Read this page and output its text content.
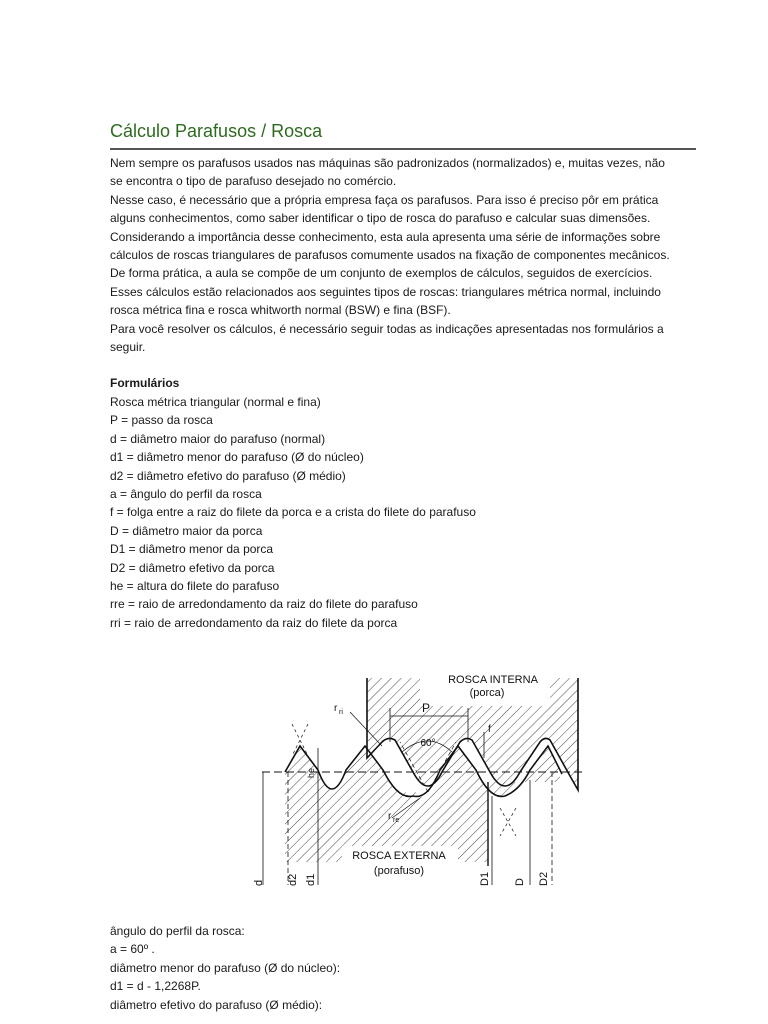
Cálculo Parafusos / Rosca

Nem sempre os parafusos usados nas máquinas são padronizados (normalizados) e, muitas vezes, não

se encontra o tipo de parafuso desejado no comércio.

Nesse caso, é necessário que a própria empresa faça os parafusos. Para isso é preciso pôr em prática

alguns conhecimentos, como saber identificar o tipo de rosca do parafuso e calcular suas dimensões.

Considerando a importância desse conhecimento, esta aula apresenta uma série de informações sobre

cálculos de roscas triangulares de parafusos comumente usados na fixação de componentes mecânicos.

De forma prática, a aula se compõe de um conjunto de exemplos de cálculos, seguidos de exercícios.

Esses cálculos estão relacionados aos seguintes tipos de roscas: triangulares métrica normal, incluindo

rosca métrica fina e rosca whitworth normal (BSW) e fina (BSF).

Para você resolver os cálculos, é necessário seguir todas as indicações apresentadas nos formulários a

seguir.

Formulários

Rosca métrica triangular (normal e fina)

P = passo da rosca

d = diâmetro maior do parafuso (normal)

d1 = diâmetro menor do parafuso (Ø do núcleo)

d2 = diâmetro efetivo do parafuso (Ø médio)

a = ângulo do perfil da rosca

f = folga entre a raiz do filete da porca e a crista do filete do parafuso

D = diâmetro maior da porca

D1 = diâmetro menor da porca

D2 = diâmetro efetivo da porca

he = altura do filete do parafuso

rre = raio de arredondamento da raiz do filete do parafuso

rri = raio de arredondamento da raiz do filete da porca

ROSCA INTERNA
(porca)
ROSCA EXTERNA
(porafuso)
P
60°
r ri
r re
he
f
d d2 d1	D1 D D2

ângulo do perfil da rosca:

a = 60º .

diâmetro menor do parafuso (Ø do núcleo):

d1 = d - 1,2268P.

diâmetro efetivo do parafuso (Ø médio):
